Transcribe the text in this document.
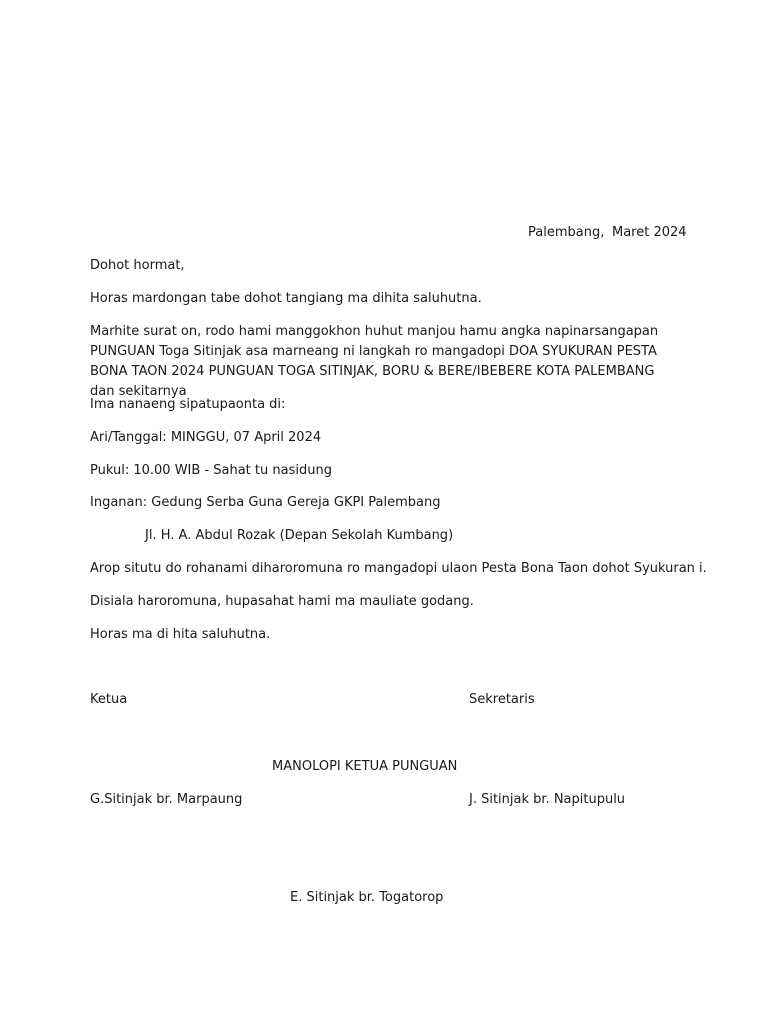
Palembang, Maret 2024
Dohot hormat,
Horas mardongan tabe dohot tangiang ma dihita saluhutna.
Marhite surat on, rodo hami manggokhon huhut manjou hamu angka napinarsangapan PUNGUAN Toga Sitinjak asa marneang ni langkah ro mangadopi DOA SYUKURAN PESTA BONA TAON 2024 PUNGUAN TOGA SITINJAK, BORU & BERE/IBEBERE KOTA PALEMBANG dan sekitarnya
Ima nanaeng sipatupaonta di:
Ari/Tanggal: MINGGU, 07 April 2024
Pukul: 10.00 WIB - Sahat tu nasidung
Inganan: Gedung Serba Guna Gereja GKPI Palembang
Jl. H. A. Abdul Rozak (Depan Sekolah Kumbang)
Arop situtu do rohanami diharoromuna ro mangadopi ulaon Pesta Bona Taon dohot Syukuran i.
Disiala haroromuna, hupasahat hami ma mauliate godang.
Horas ma di hita saluhutna.
Ketua	Sekretaris
MANOLOPI KETUA PUNGUAN
G.Sitinjak br. Marpaung	J. Sitinjak br. Napitupulu
E. Sitinjak br. Togatorop
